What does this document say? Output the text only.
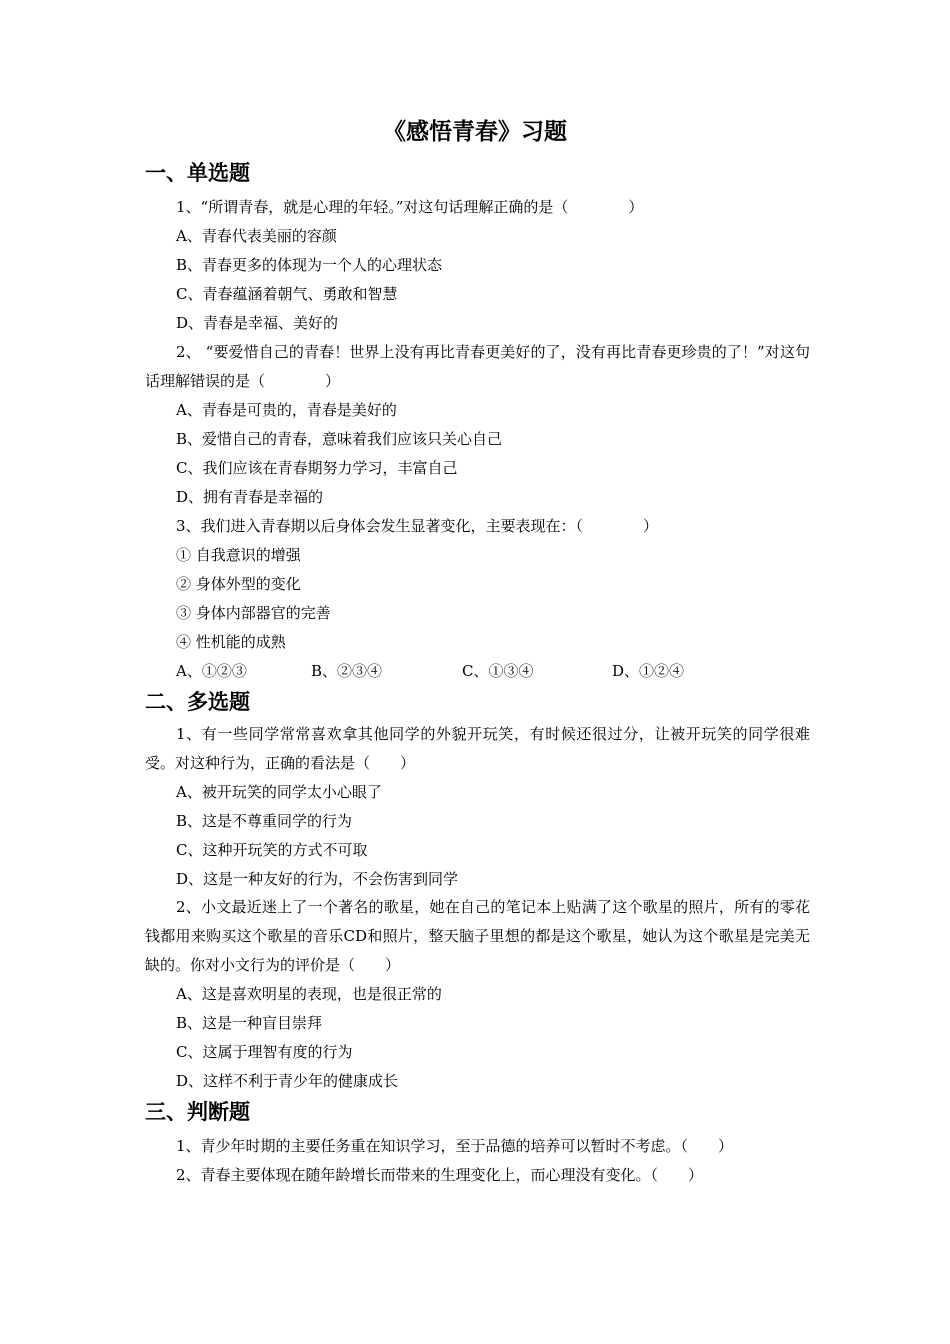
《感悟青春》习题
一、单选题
1、“所谓青春，就是心理的年轻。”对这句话理解正确的是（　　　　）
A、青春代表美丽的容颜
B、青春更多的体现为一个人的心理状态
C、青春蕴涵着朝气、勇敢和智慧
D、青春是幸福、美好的
2、 “要爱惜自己的青春！世界上没有再比青春更美好的了，没有再比青春更珍贵的了！”对这句话理解错误的是（　　　　）
A、青春是可贵的，青春是美好的
B、爱惜自己的青春，意味着我们应该只关心自己
C、我们应该在青春期努力学习，丰富自己
D、拥有青春是幸福的
3、我们进入青春期以后身体会发生显著变化，主要表现在：（　　　　）
① 自我意识的增强
② 身体外型的变化
③ 身体内部器官的完善
④ 性机能的成熟
A、①②③	B、②③④	C、①③④	D、①②④
二、多选题
1、有一些同学常常喜欢拿其他同学的外貌开玩笑，有时候还很过分，让被开玩笑的同学很难受。对这种行为，正确的看法是（　　）
A、被开玩笑的同学太小心眼了
B、这是不尊重同学的行为
C、这种开玩笑的方式不可取
D、这是一种友好的行为，不会伤害到同学
2、小文最近迷上了一个著名的歌星，她在自己的笔记本上贴满了这个歌星的照片，所有的零花钱都用来购买这个歌星的音乐CD和照片，整天脑子里想的都是这个歌星，她认为这个歌星是完美无缺的。你对小文行为的评价是（　　）
A、这是喜欢明星的表现，也是很正常的
B、这是一种盲目崇拜
C、这属于理智有度的行为
D、这样不利于青少年的健康成长
三、判断题
1、青少年时期的主要任务重在知识学习，至于品德的培养可以暂时不考虑。（　　）
2、青春主要体现在随年龄增长而带来的生理变化上，而心理没有变化。（　　）
